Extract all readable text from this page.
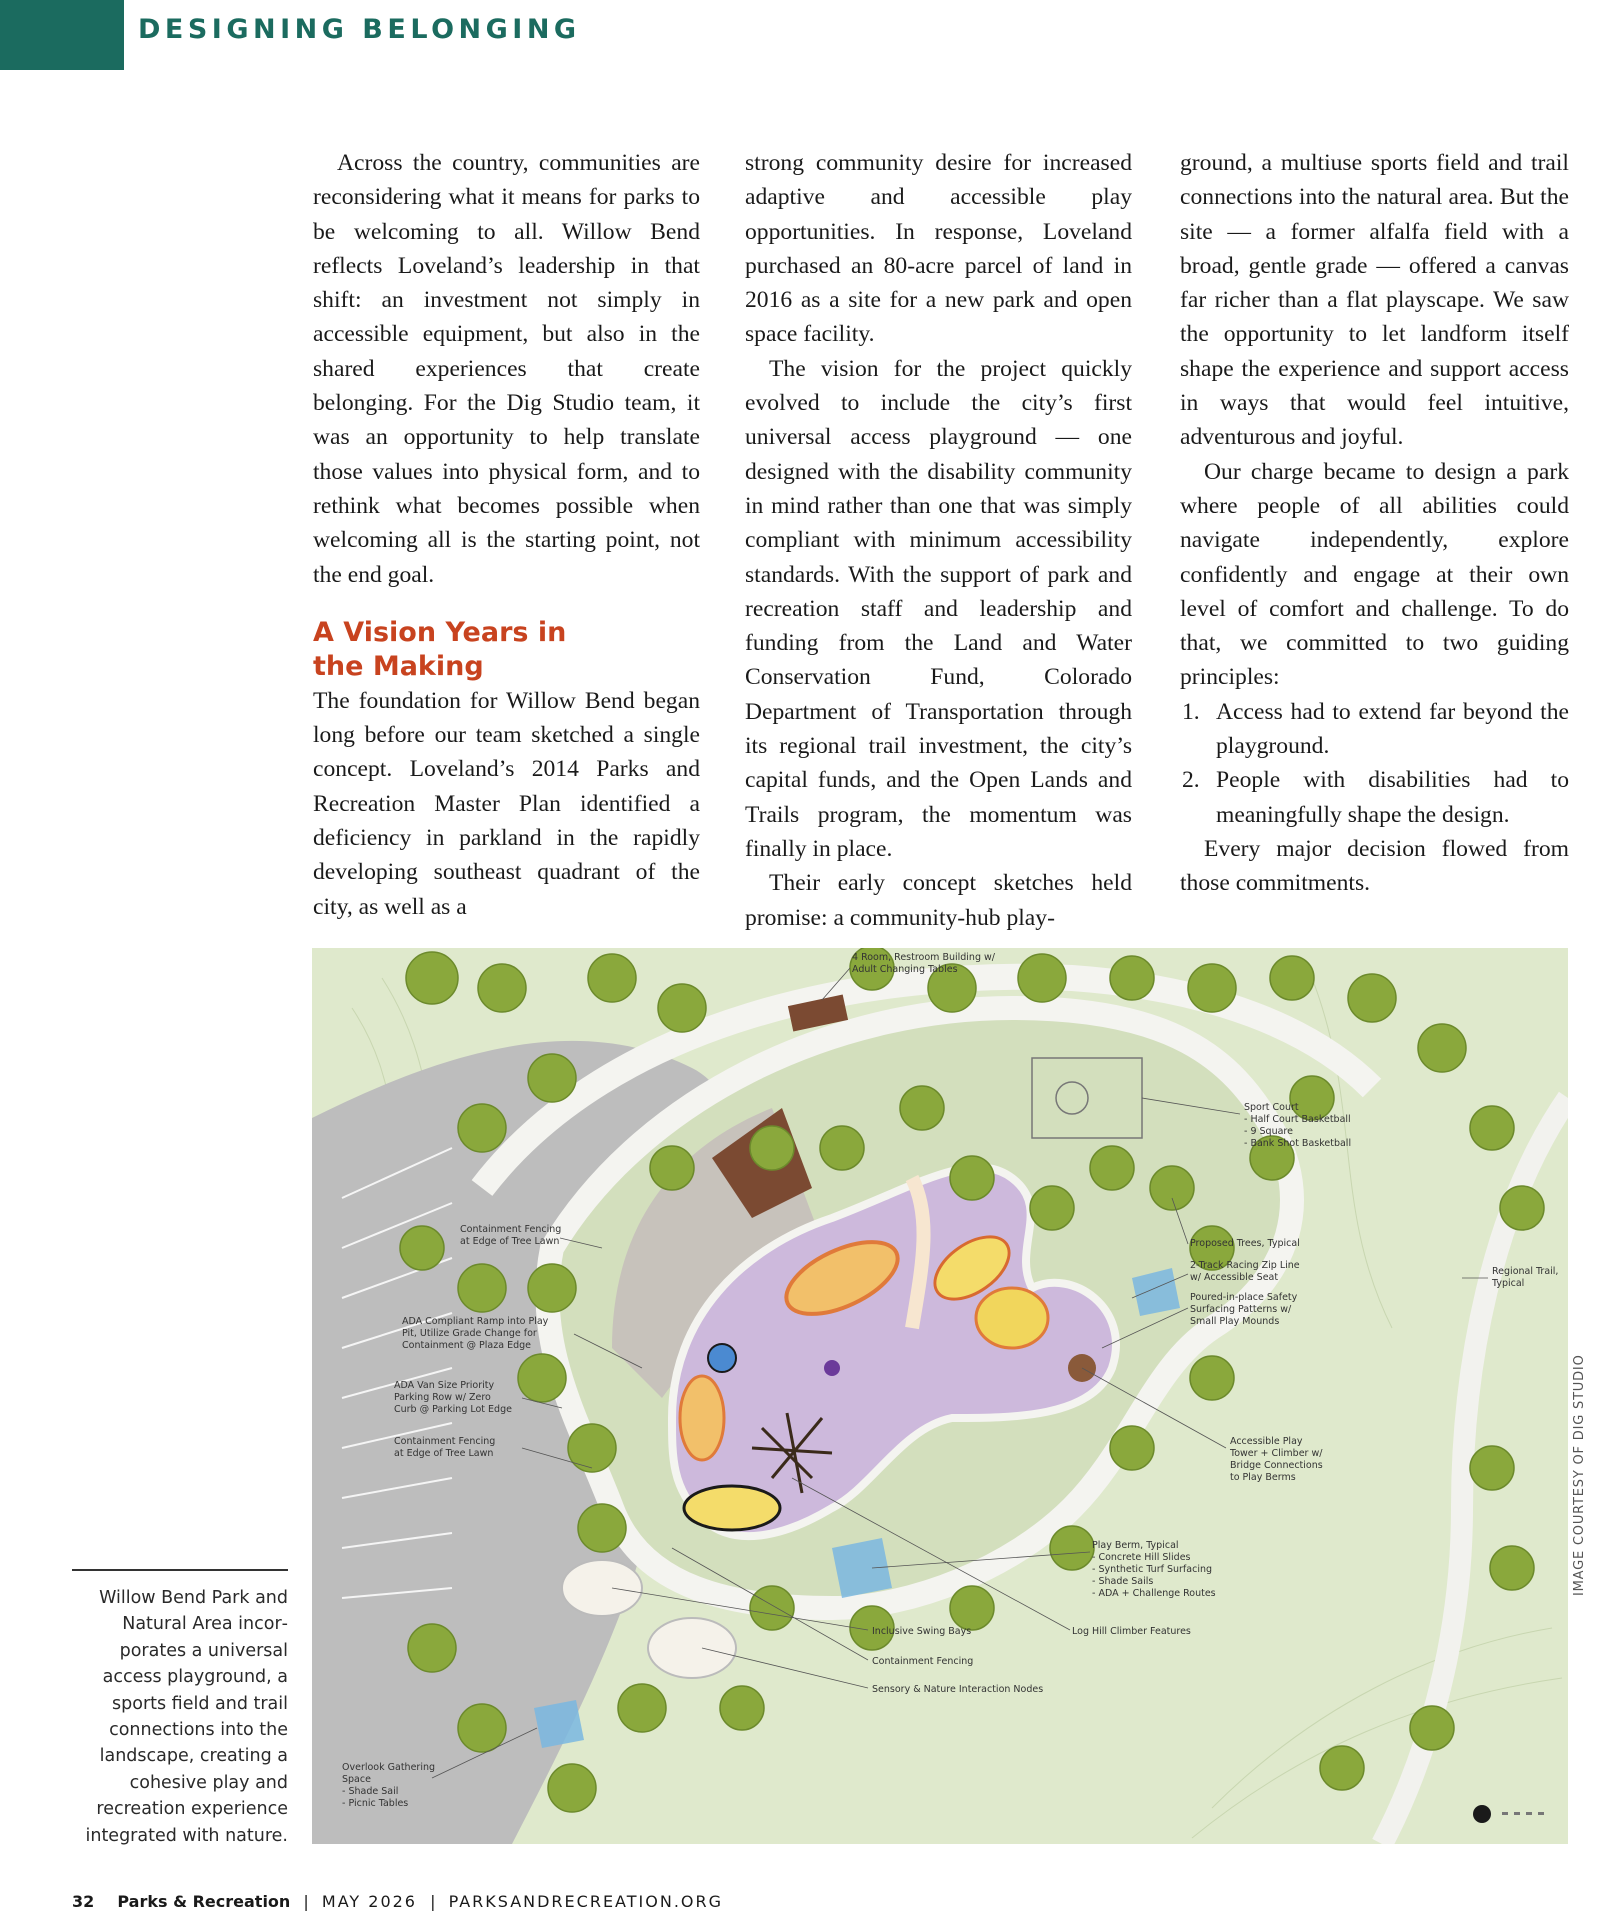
DESIGNING BELONGING

Across the country, communities are reconsidering what it means for parks to be welcoming to all. Willow Bend reflects Loveland’s leadership in that shift: an investment not simply in accessible equipment, but also in the shared experiences that create belonging. For the Dig Studio team, it was an opportunity to help translate those values into physical form, and to rethink what becomes possible when welcoming all is the starting point, not the end goal.

A Vision Years in
the Making

The foundation for Willow Bend began long before our team sketched a single concept. Loveland’s 2014 Parks and Recreation Master Plan identified a deficiency in parkland in the rapidly developing southeast quadrant of the city, as well as a

strong community desire for increased adaptive and accessible play opportunities. In response, Loveland purchased an 80-acre parcel of land in 2016 as a site for a new park and open space facility.

The vision for the project quickly evolved to include the city’s first universal access playground — one designed with the disability community in mind rather than one that was simply compliant with minimum accessibility standards. With the support of park and recreation staff and leadership and funding from the Land and Water Conservation Fund, Colorado Department of Transportation through its regional trail investment, the city’s capital funds, and the Open Lands and Trails program, the momentum was finally in place.

Their early concept sketches held promise: a community-hub play-

ground, a multiuse sports field and trail connections into the natural area. But the site — a former alfalfa field with a broad, gentle grade — offered a canvas far richer than a flat playscape. We saw the opportunity to let landform itself shape the experience and support access in ways that would feel intuitive, adventurous and joyful.

Our charge became to design a park where people of all abilities could navigate independently, explore confidently and engage at their own level of comfort and challenge. To do that, we committed to two guiding principles:

1. Access had to extend far beyond the playground.
2. People with disabilities had to meaningfully shape the design.

Every major decision flowed from those commitments.

4 Room, Restroom Building w/
Adult Changing Tables
Sport Court
- Half Court Basketball
- 9 Square
- Bank Shot Basketball
Proposed Trees, Typical
2-Track Racing Zip Line
w/ Accessible Seat
Poured-in-place Safety
Surfacing Patterns w/
Small Play Mounds
Regional Trail,
Typical
Accessible Play
Tower + Climber w/
Bridge Connections
to Play Berms
Play Berm, Typical
- Concrete Hill Slides
- Synthetic Turf Surfacing
- Shade Sails
- ADA + Challenge Routes
Log Hill Climber Features
Inclusive Swing Bays
Containment Fencing
Sensory & Nature Interaction Nodes
Containment Fencing
at Edge of Tree Lawn
ADA Compliant Ramp into Play
Pit, Utilize Grade Change for
Containment @ Plaza Edge
ADA Van Size Priority
Parking Row w/ Zero
Curb @ Parking Lot Edge
Containment Fencing
at Edge of Tree Lawn
Overlook Gathering
Space
- Shade Sail
- Picnic Tables
IMAGE COURTESY OF DIG STUDIO
Willow Bend Park and Natural Area incorporates a universal access playground, a sports field and trail connections into the landscape, creating a cohesive play and recreation experience integrated with nature.
32 Parks & Recreation | MAY 2026 | PARKSANDRECREATION.ORG
